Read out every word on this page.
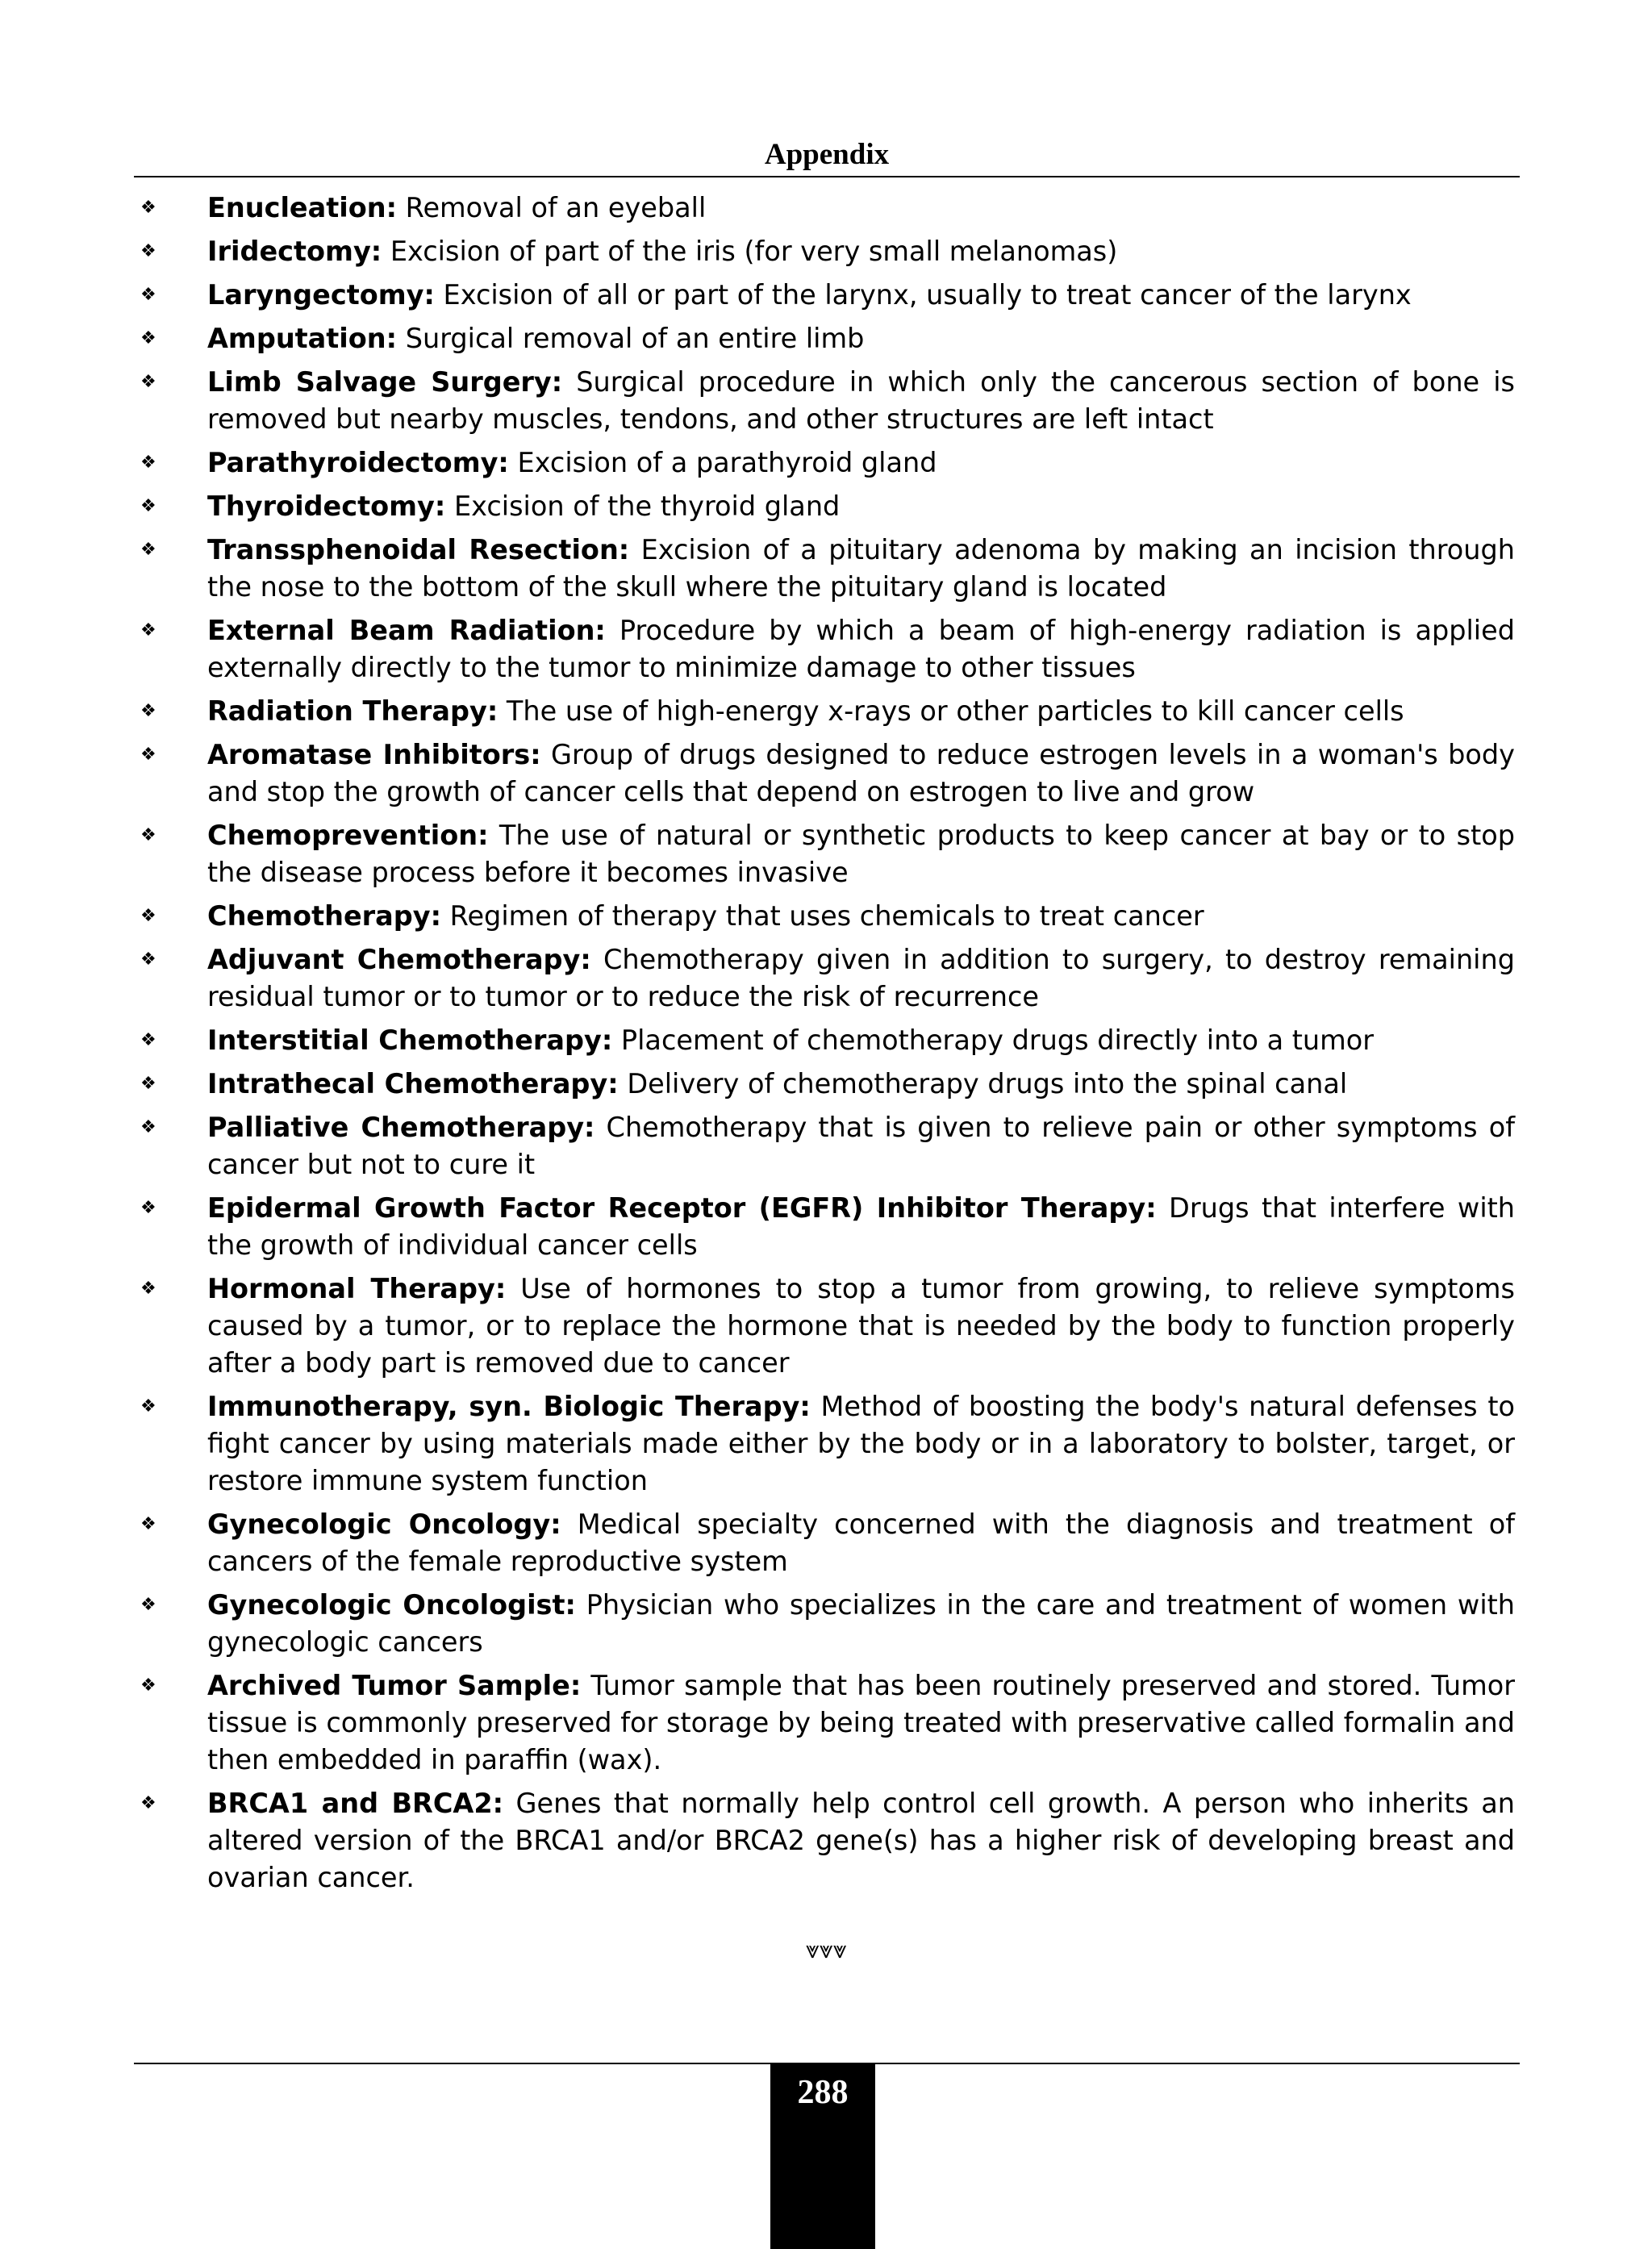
Appendix
❖ Enucleation: Removal of an eyeball
❖ Iridectomy: Excision of part of the iris (for very small melanomas)
❖ Laryngectomy: Excision of all or part of the larynx, usually to treat cancer of the larynx
❖ Amputation: Surgical removal of an entire limb
❖ Limb Salvage Surgery: Surgical procedure in which only the cancerous section of bone is removed but nearby muscles, tendons, and other structures are left intact
❖ Parathyroidectomy: Excision of a parathyroid gland
❖ Thyroidectomy: Excision of the thyroid gland
❖ Transsphenoidal Resection: Excision of a pituitary adenoma by making an incision through the nose to the bottom of the skull where the pituitary gland is located
❖ External Beam Radiation: Procedure by which a beam of high-energy radiation is applied externally directly to the tumor to minimize damage to other tissues
❖ Radiation Therapy: The use of high-energy x-rays or other particles to kill cancer cells
❖ Aromatase Inhibitors: Group of drugs designed to reduce estrogen levels in a woman's body and stop the growth of cancer cells that depend on estrogen to live and grow
❖ Chemoprevention: The use of natural or synthetic products to keep cancer at bay or to stop the disease process before it becomes invasive
❖ Chemotherapy: Regimen of therapy that uses chemicals to treat cancer
❖ Adjuvant Chemotherapy: Chemotherapy given in addition to surgery, to destroy remaining residual tumor or to tumor or to reduce the risk of recurrence
❖ Interstitial Chemotherapy: Placement of chemotherapy drugs directly into a tumor
❖ Intrathecal Chemotherapy: Delivery of chemotherapy drugs into the spinal canal
❖ Palliative Chemotherapy: Chemotherapy that is given to relieve pain or other symptoms of cancer but not to cure it
❖ Epidermal Growth Factor Receptor (EGFR) Inhibitor Therapy: Drugs that interfere with the growth of individual cancer cells
❖ Hormonal Therapy: Use of hormones to stop a tumor from growing, to relieve symptoms caused by a tumor, or to replace the hormone that is needed by the body to function properly after a body part is removed due to cancer
❖ Immunotherapy, syn. Biologic Therapy: Method of boosting the body's natural defenses to fight cancer by using materials made either by the body or in a laboratory to bolster, target, or restore immune system function
❖ Gynecologic Oncology: Medical specialty concerned with the diagnosis and treatment of cancers of the female reproductive system
❖ Gynecologic Oncologist: Physician who specializes in the care and treatment of women with gynecologic cancers
❖ Archived Tumor Sample: Tumor sample that has been routinely preserved and stored. Tumor tissue is commonly preserved for storage by being treated with preservative called formalin and then embedded in paraffin (wax).
❖ BRCA1 and BRCA2: Genes that normally help control cell growth. A person who inherits an altered version of the BRCA1 and/or BRCA2 gene(s) has a higher risk of developing breast and ovarian cancer.
⩔⩔⩔
288
